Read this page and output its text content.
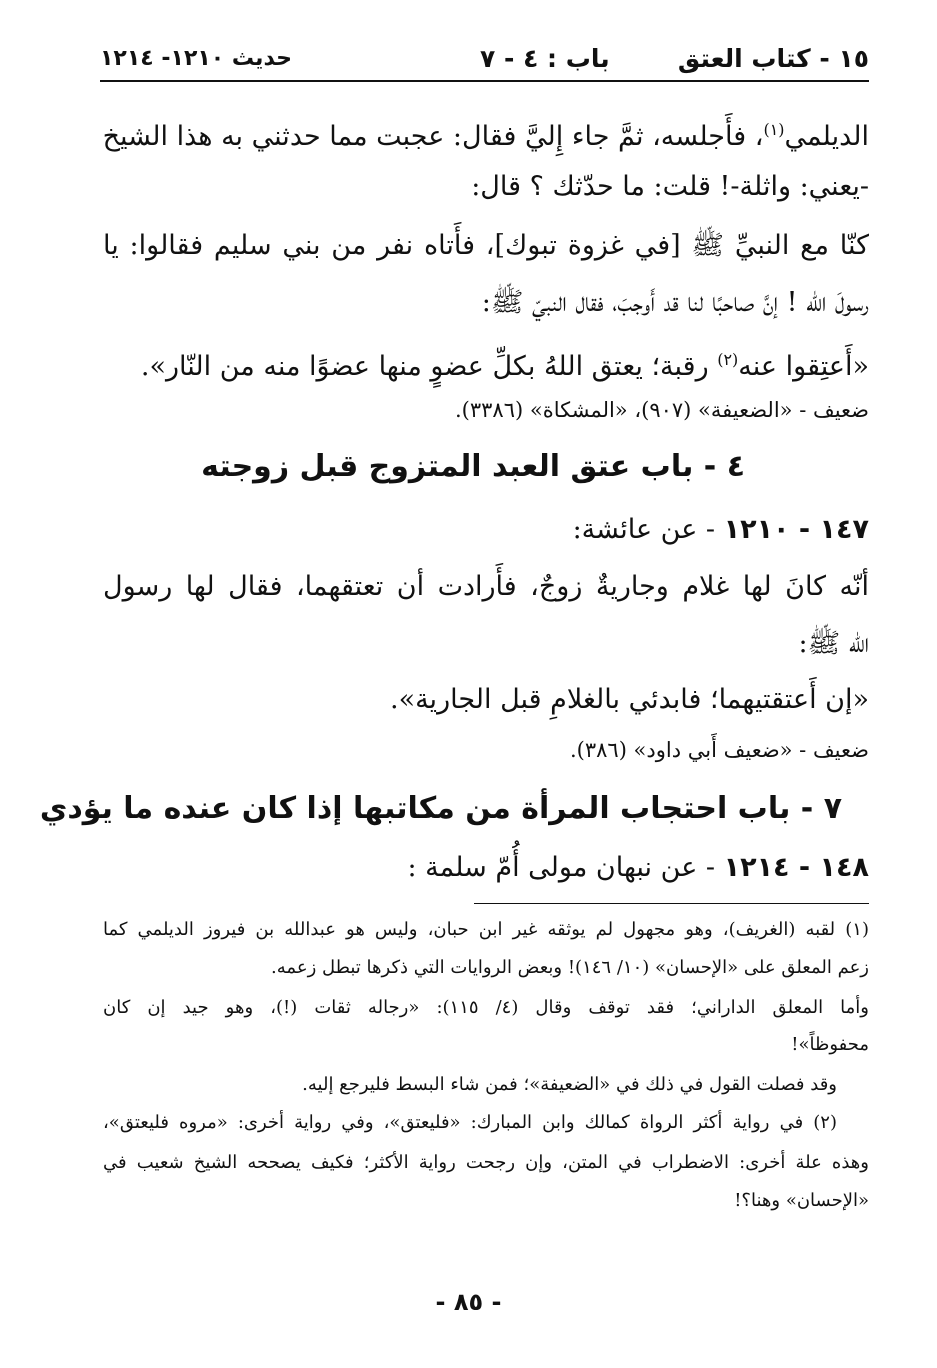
١٥ - كتاب العتق
باب : ٤ - ٧
حديث ١٢١٠- ١٢١٤
الديلمي$^{(١)}$، فأَجلسه، ثمَّ جاء إِليَّ فقال: عجبت مما حدثني به هذا الشيخ
-يعني: واثلة-! قلت: ما حدّثك ؟ قال:
كنّا مع النبيِّ ﷺ [في غزوة تبوك]، فأَتاه نفر من بني سليم فقالوا: يا
رسولَ الله ! إنَّ صاحبًا لنا قد أَوجبَ، فقال النبيّ ﷺ:
«أَعتِقوا عنه$^{(٢)}$ رقبة؛ يعتق اللهُ بكلِّ عضوٍ منها عضوًا منه من النّار».
ضعيف - «الضعيفة» (٩٠٧)، «المشكاة» (٣٣٨٦).
٤ - باب عتق العبد المتزوج قبل زوجته
١٤٧ - ١٢١٠ - عن عائشة:
أنّه كانَ لها غلام وجاريةٌ زوجٌ، فأَرادت أن تعتقهما، فقال لها رسول
الله ﷺ:
«إن أَعتقتيهما؛ فابدئي بالغلامِ قبل الجارية».
ضعيف - «ضعيف أَبي داود» (٣٨٦).
٧ - باب احتجاب المرأة من مكاتبها إذا كان عنده ما يؤدي
١٤٨ - ١٢١٤ - عن نبهان مولى أُمّ سلمة :
(١) لقبه (الغريف)، وهو مجهول لم يوثقه غير ابن حبان، وليس هو عبدالله بن فيروز الديلمي كما
زعم المعلق على «الإحسان» (١٠/ ١٤٦)! وبعض الروايات التي ذكرها تبطل زعمه.
وأما المعلق الداراني؛ فقد توقف وقال (٤/ ١١٥): «رجاله ثقات (!)، وهو جيد إن كان
محفوظاً»!
وقد فصلت القول في ذلك في «الضعيفة»؛ فمن شاء البسط فليرجع إليه.
(٢) في رواية أكثر الرواة كمالك وابن المبارك: «فليعتق»، وفي رواية أخرى: «مروه فليعتق»،
وهذه علة أخرى: الاضطراب في المتن، وإن رجحت رواية الأكثر؛ فكيف يصححه الشيخ شعيب في
«الإحسان» وهنا؟!
- ٨٥ -
